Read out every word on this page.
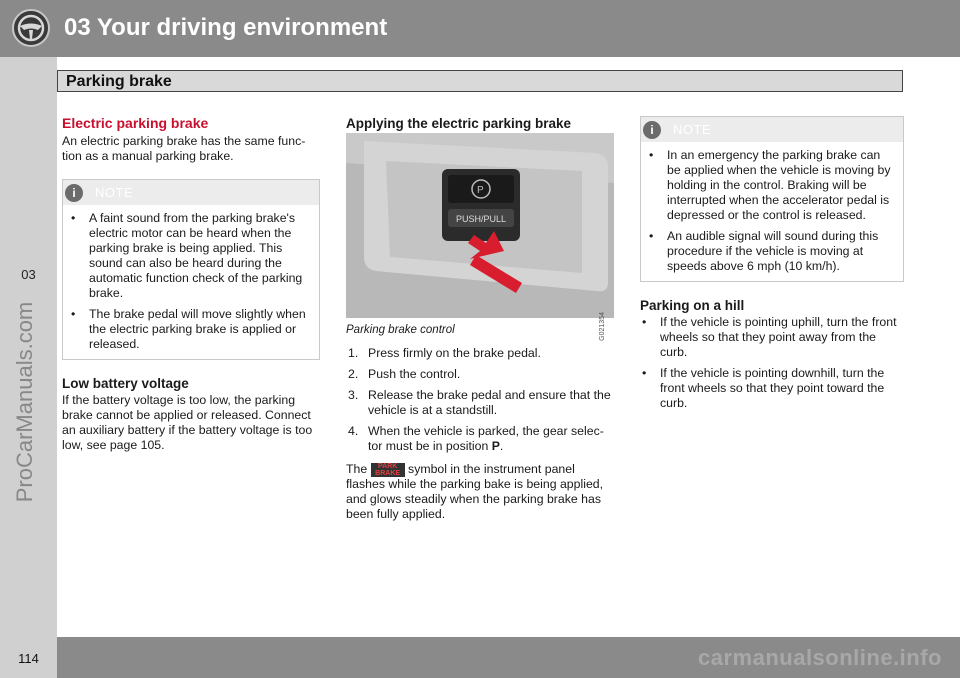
03 Your driving environment
03
ProCarManuals.com
Parking brake
Electric parking brake

An electric parking brake has the same func-tion as a manual parking brake.

i	NOTE
• A faint sound from the parking brake's electric motor can be heard when the parking brake is being applied. This sound can also be heard during the automatic function check of the parking brake.
• The brake pedal will move slightly when the electric parking brake is applied or released.
Low battery voltage

If the battery voltage is too low, the parking brake cannot be applied or released. Connect an auxiliary battery if the battery voltage is too low, see page 105.

Applying the electric parking brake
P
PUSH/PULL
G021354
Parking brake control
1. Press firmly on the brake pedal.
2. Push the control.
3. Release the brake pedal and ensure that the vehicle is at a standstill.
4. When the vehicle is parked, the gear selec-tor must be in position P.

The PARK
BRAKE symbol in the instrument panel flashes while the parking bake is being applied, and glows steadily when the parking brake has been fully applied.

i	NOTE
• In an emergency the parking brake can be applied when the vehicle is moving by holding in the control. Braking will be interrupted when the accelerator pedal is depressed or the control is released.
• An audible signal will sound during this procedure if the vehicle is moving at speeds above 6 mph (10 km/h).
Parking on a hill
• If the vehicle is pointing uphill, turn the front wheels so that they point away from the curb.
• If the vehicle is pointing downhill, turn the front wheels so that they point toward the curb.
114	carmanualsonline.info
